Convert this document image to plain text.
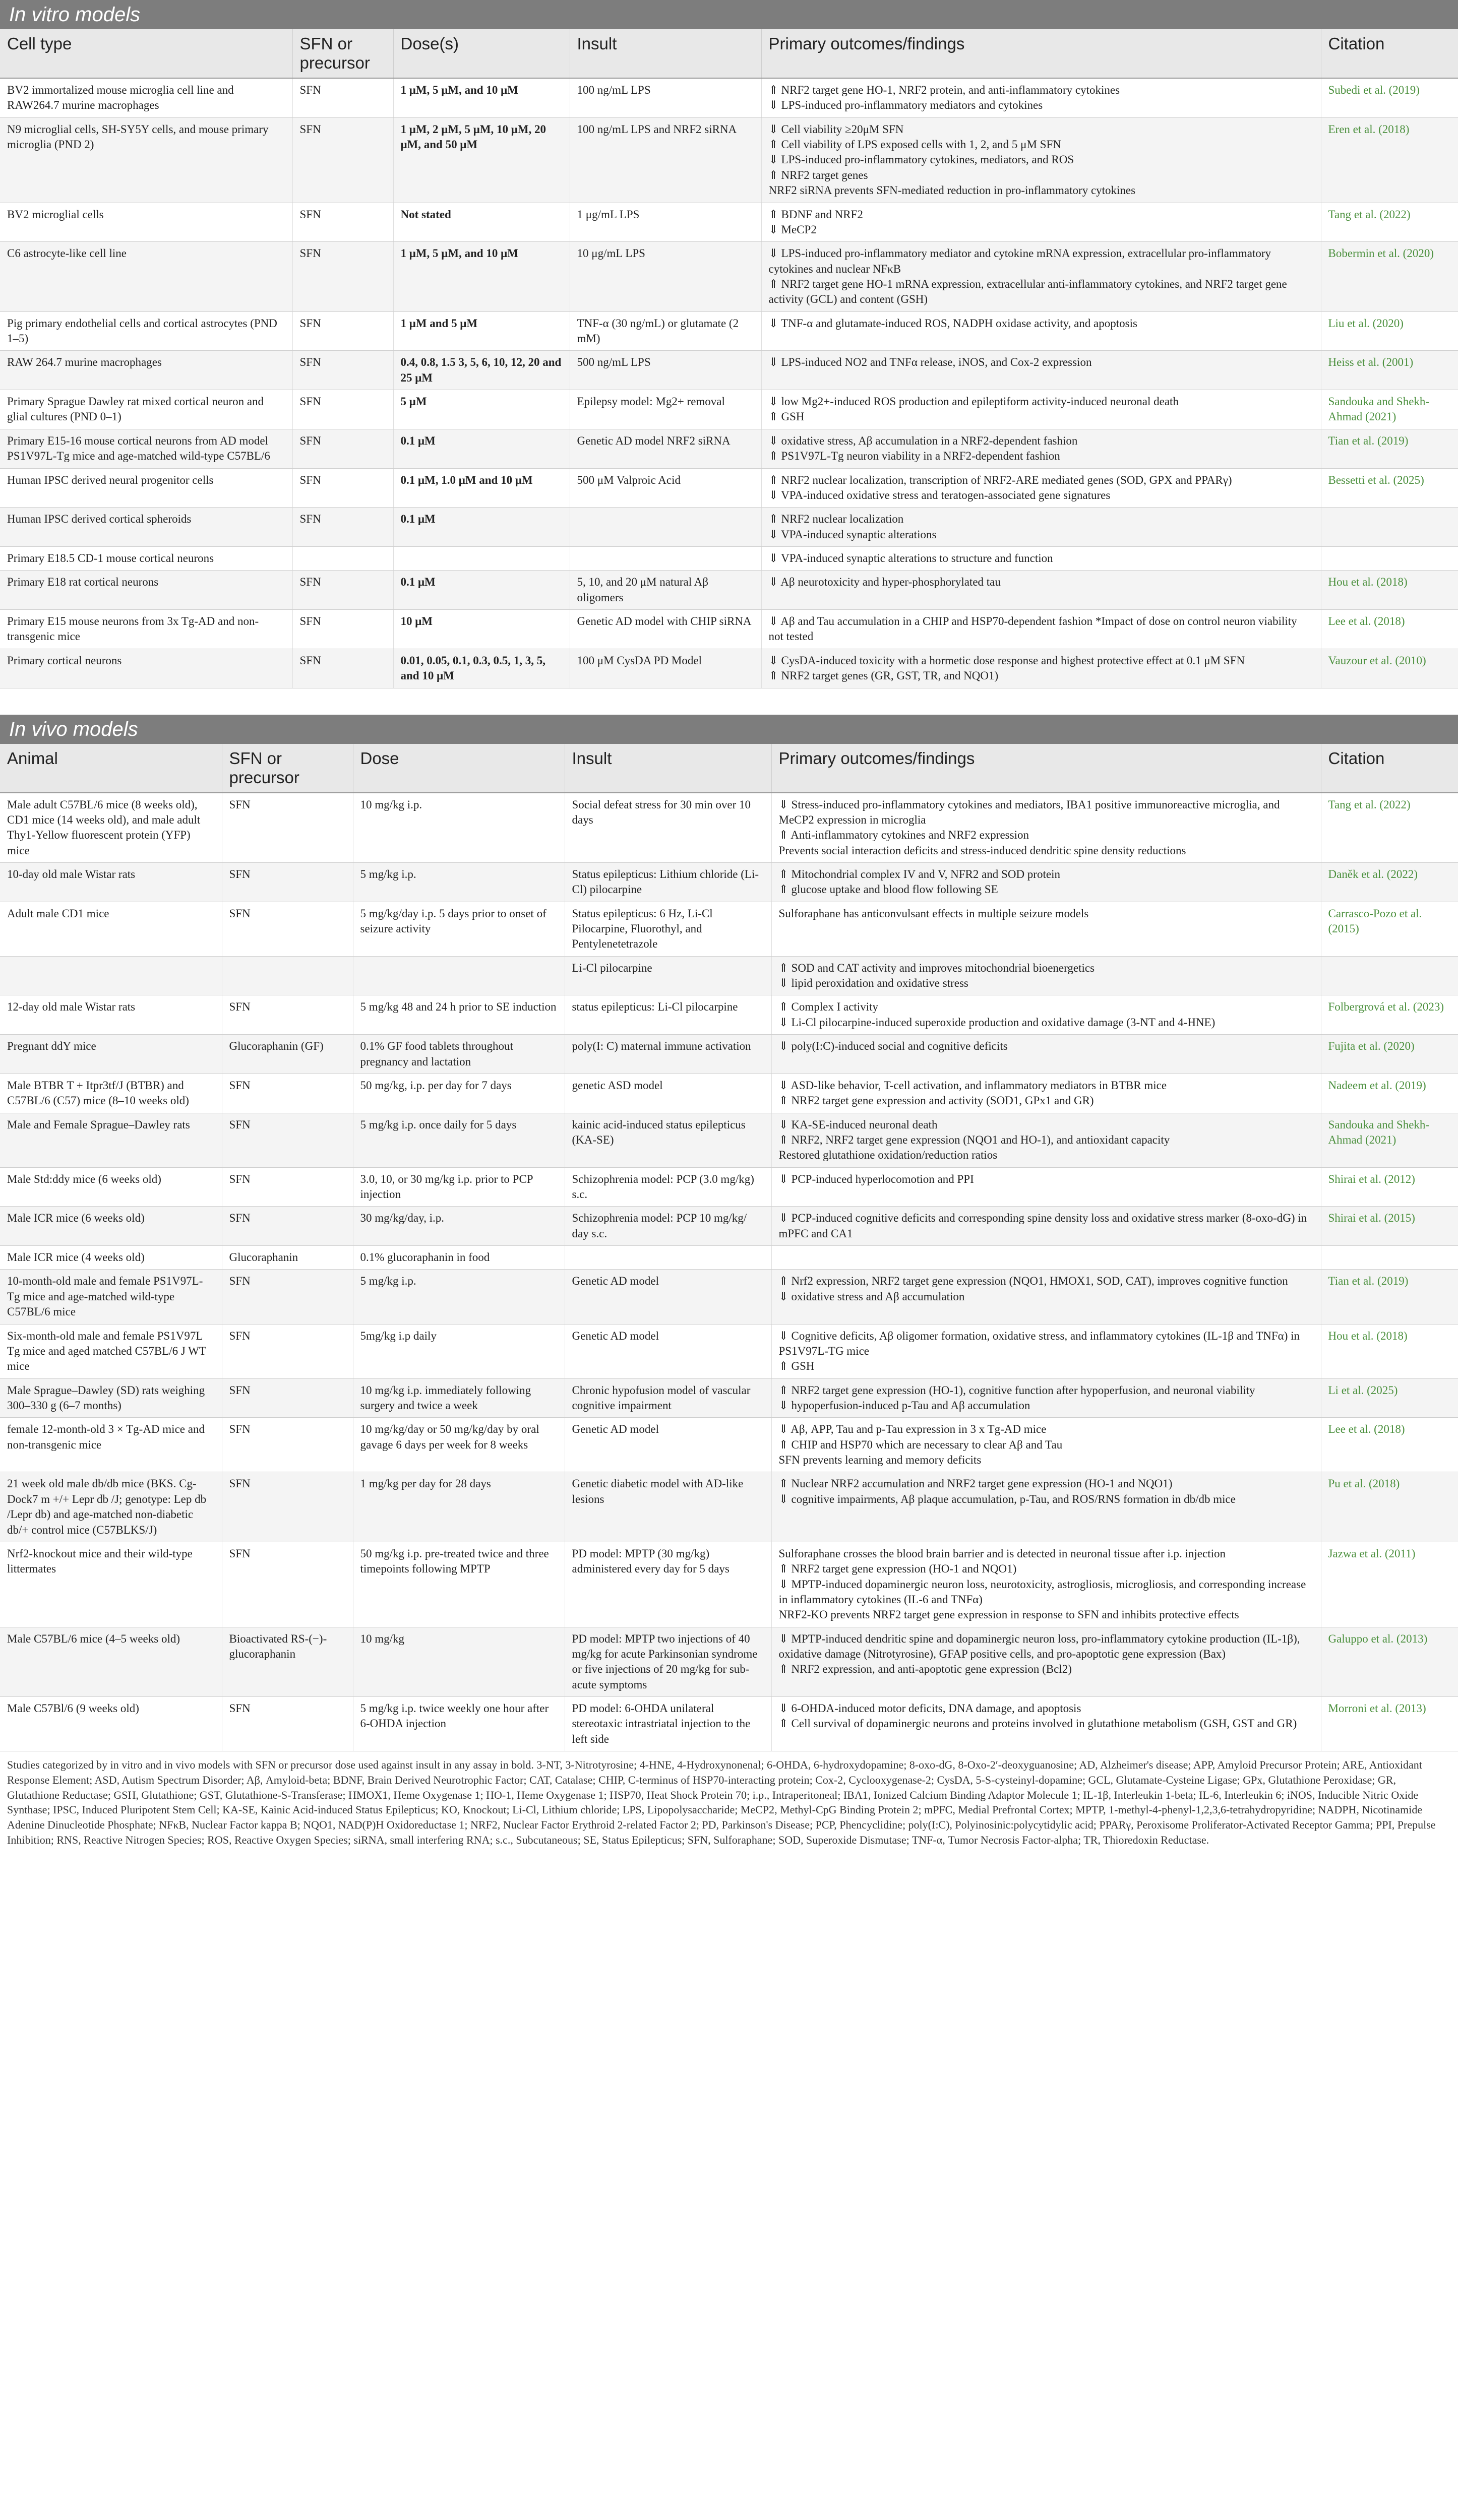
In vitro models
Cell type	SFN or precursor	Dose(s)	Insult	Primary outcomes/findings	Citation
BV2 immortalized mouse microglia cell line and RAW264.7 murine macrophages	SFN	1 μM, 5 μM, and 10 μM	100 ng/mL LPS	⇑ NRF2 target gene HO-1, NRF2 protein, and anti-inflammatory cytokines
⇓ LPS-induced pro-inflammatory mediators and cytokines	Subedi et al. (2019)
N9 microglial cells, SH-SY5Y cells, and mouse primary microglia (PND 2)	SFN	1 μM, 2 μM, 5 μM, 10 μM, 20 μM, and 50 μM	100 ng/mL LPS and NRF2 siRNA	⇓ Cell viability ≥20μM SFN
⇑ Cell viability of LPS exposed cells with 1, 2, and 5 μM SFN
⇓ LPS-induced pro-inflammatory cytokines, mediators, and ROS
⇑ NRF2 target genes
NRF2 siRNA prevents SFN-mediated reduction in pro-inflammatory cytokines	Eren et al. (2018)
BV2 microglial cells	SFN	Not stated	1 μg/mL LPS	⇑ BDNF and NRF2
⇓ MeCP2	Tang et al. (2022)
C6 astrocyte-like cell line	SFN	1 μM, 5 μM, and 10 μM	10 μg/mL LPS	⇓ LPS-induced pro-inflammatory mediator and cytokine mRNA expression, extracellular pro-inflammatory cytokines and nuclear NFκB
⇑ NRF2 target gene HO-1 mRNA expression, extracellular anti-inflammatory cytokines, and NRF2 target gene activity (GCL) and content (GSH)	Bobermin et al. (2020)
Pig primary endothelial cells and cortical astrocytes (PND 1–5)	SFN	1 μM and 5 μM	TNF-α (30 ng/mL) or glutamate (2 mM)	⇓ TNF-α and glutamate-induced ROS, NADPH oxidase activity, and apoptosis	Liu et al. (2020)
RAW 264.7 murine macrophages	SFN	0.4, 0.8, 1.5 3, 5, 6, 10, 12, 20 and 25 μM	500 ng/mL LPS	⇓ LPS-induced NO2 and TNFα release, iNOS, and Cox-2 expression	Heiss et al. (2001)
Primary Sprague Dawley rat mixed cortical neuron and glial cultures (PND 0–1)	SFN	5 μM	Epilepsy model: Mg2+ removal	⇓ low Mg2+-induced ROS production and epileptiform activity-induced neuronal death
⇑ GSH	Sandouka and Shekh-Ahmad (2021)
Primary E15-16 mouse cortical neurons from AD model PS1V97L-Tg mice and age-matched wild-type C57BL/6	SFN	0.1 μM	Genetic AD model NRF2 siRNA	⇓ oxidative stress, Aβ accumulation in a NRF2-dependent fashion
⇑ PS1V97L-Tg neuron viability in a NRF2-dependent fashion	Tian et al. (2019)
Human IPSC derived neural progenitor cells	SFN	0.1 μM, 1.0 μM and 10 μM	500 μM Valproic Acid	⇑ NRF2 nuclear localization, transcription of NRF2-ARE mediated genes (SOD, GPX and PPARγ)
⇓ VPA-induced oxidative stress and teratogen-associated gene signatures	Bessetti et al. (2025)
Human IPSC derived cortical spheroids	SFN	0.1 μM		⇑ NRF2 nuclear localization
⇓ VPA-induced synaptic alterations	

Primary E18.5 CD-1 mouse cortical neurons				⇓ VPA-induced synaptic alterations to structure and function	

Primary E18 rat cortical neurons	SFN	0.1 μM	5, 10, and 20 μM natural Aβ oligomers	⇓ Aβ neurotoxicity and hyper-phosphorylated tau	Hou et al. (2018)
Primary E15 mouse neurons from 3x Tg-AD and non-transgenic mice	SFN	10 μM	Genetic AD model with CHIP siRNA	⇓ Aβ and Tau accumulation in a CHIP and HSP70-dependent fashion *Impact of dose on control neuron viability not tested	Lee et al. (2018)
Primary cortical neurons	SFN	0.01, 0.05, 0.1, 0.3, 0.5, 1, 3, 5, and 10 μM	100 μM CysDA PD Model	⇓ CysDA-induced toxicity with a hormetic dose response and highest protective effect at 0.1 μM SFN
⇑ NRF2 target genes (GR, GST, TR, and NQO1)	Vauzour et al. (2010)
In vivo models
Animal	SFN or precursor	Dose	Insult	Primary outcomes/findings	Citation
Male adult C57BL/6 mice (8 weeks old), CD1 mice (14 weeks old), and male adult Thy1-Yellow fluorescent protein (YFP) mice	SFN	10 mg/kg i.p.	Social defeat stress for 30 min over 10 days	⇓ Stress-induced pro-inflammatory cytokines and mediators, IBA1 positive immunoreactive microglia, and MeCP2 expression in microglia
⇑ Anti-inflammatory cytokines and NRF2 expression
Prevents social interaction deficits and stress-induced dendritic spine density reductions	Tang et al. (2022)
10-day old male Wistar rats	SFN	5 mg/kg i.p.	Status epilepticus: Lithium chloride (Li-Cl) pilocarpine	⇑ Mitochondrial complex IV and V, NFR2 and SOD protein
⇑ glucose uptake and blood flow following SE	Daněk et al. (2022)
Adult male CD1 mice	SFN	5 mg/kg/day i.p. 5 days prior to onset of seizure activity	Status epilepticus: 6 Hz, Li-Cl Pilocarpine, Fluorothyl, and Pentylenetetrazole	Sulforaphane has anticonvulsant effects in multiple seizure models	Carrasco-Pozo et al. (2015)
			Li-Cl pilocarpine	⇑ SOD and CAT activity and improves mitochondrial bioenergetics
⇓ lipid peroxidation and oxidative stress	

12-day old male Wistar rats	SFN	5 mg/kg 48 and 24 h prior to SE induction	status epilepticus: Li-Cl pilocarpine	⇑ Complex I activity
⇓ Li-Cl pilocarpine-induced superoxide production and oxidative damage (3-NT and 4-HNE)	Folbergrová et al. (2023)
Pregnant ddY mice	Glucoraphanin (GF)	0.1% GF food tablets throughout pregnancy and lactation	poly(I: C) maternal immune activation	⇓ poly(I:C)-induced social and cognitive deficits	Fujita et al. (2020)
Male BTBR T + Itpr3tf/J (BTBR) and C57BL/6 (C57) mice (8–10 weeks old)	SFN	50 mg/kg, i.p. per day for 7 days	genetic ASD model	⇓ ASD-like behavior, T-cell activation, and inflammatory mediators in BTBR mice
⇑ NRF2 target gene expression and activity (SOD1, GPx1 and GR)	Nadeem et al. (2019)
Male and Female Sprague–Dawley rats	SFN	5 mg/kg i.p. once daily for 5 days	kainic acid-induced status epilepticus (KA-SE)	⇓ KA-SE-induced neuronal death
⇑ NRF2, NRF2 target gene expression (NQO1 and HO-1), and antioxidant capacity
Restored glutathione oxidation/reduction ratios	Sandouka and Shekh-Ahmad (2021)
Male Std:ddy mice (6 weeks old)	SFN	3.0, 10, or 30 mg/kg i.p. prior to PCP injection	Schizophrenia model: PCP (3.0 mg/kg) s.c.	⇓ PCP-induced hyperlocomotion and PPI	Shirai et al. (2012)
Male ICR mice (6 weeks old)	SFN	30 mg/kg/day, i.p.	Schizophrenia model: PCP 10 mg/kg/ day s.c.	⇓ PCP-induced cognitive deficits and corresponding spine density loss and oxidative stress marker (8-oxo-dG) in mPFC and CA1	Shirai et al. (2015)
Male ICR mice (4 weeks old)	Glucoraphanin	0.1% glucoraphanin in food			
10-month-old male and female PS1V97L-Tg mice and age-matched wild-type C57BL/6 mice	SFN	5 mg/kg i.p.	Genetic AD model	⇑ Nrf2 expression, NRF2 target gene expression (NQO1, HMOX1, SOD, CAT), improves cognitive function
⇓ oxidative stress and Aβ accumulation	Tian et al. (2019)
Six-month-old male and female PS1V97L Tg mice and aged matched C57BL/6 J WT mice	SFN	5mg/kg i.p daily	Genetic AD model	⇓ Cognitive deficits, Aβ oligomer formation, oxidative stress, and inflammatory cytokines (IL-1β and TNFα) in PS1V97L-TG mice
⇑ GSH	Hou et al. (2018)
Male Sprague–Dawley (SD) rats weighing 300–330 g (6–7 months)	SFN	10 mg/kg i.p. immediately following surgery and twice a week	Chronic hypofusion model of vascular cognitive impairment	⇑ NRF2 target gene expression (HO-1), cognitive function after hypoperfusion, and neuronal viability
⇓ hypoperfusion-induced p-Tau and Aβ accumulation	Li et al. (2025)
female 12-month-old 3 × Tg-AD mice and non-transgenic mice	SFN	10 mg/kg/day or 50 mg/kg/day by oral gavage 6 days per week for 8 weeks	Genetic AD model	⇓ Aβ, APP, Tau and p-Tau expression in 3 x Tg-AD mice
⇑ CHIP and HSP70 which are necessary to clear Aβ and Tau
SFN prevents learning and memory deficits	Lee et al. (2018)
21 week old male db/db mice (BKS. Cg-Dock7 m +/+ Lepr db /J; genotype: Lep db /Lepr db) and age-matched non-diabetic db/+ control mice (C57BLKS/J)	SFN	1 mg/kg per day for 28 days	Genetic diabetic model with AD-like lesions	⇑ Nuclear NRF2 accumulation and NRF2 target gene expression (HO-1 and NQO1)
⇓ cognitive impairments, Aβ plaque accumulation, p-Tau, and ROS/RNS formation in db/db mice	Pu et al. (2018)
Nrf2-knockout mice and their wild-type littermates	SFN	50 mg/kg i.p. pre-treated twice and three timepoints following MPTP	PD model: MPTP (30 mg/kg) administered every day for 5 days	Sulforaphane crosses the blood brain barrier and is detected in neuronal tissue after i.p. injection
⇑ NRF2 target gene expression (HO-1 and NQO1)
⇓ MPTP-induced dopaminergic neuron loss, neurotoxicity, astrogliosis, microgliosis, and corresponding increase in inflammatory cytokines (IL-6 and TNFα)
NRF2-KO prevents NRF2 target gene expression in response to SFN and inhibits protective effects	Jazwa et al. (2011)
Male C57BL/6 mice (4–5 weeks old)	Bioactivated RS-(−)-glucoraphanin	10 mg/kg	PD model: MPTP two injections of 40 mg/kg for acute Parkinsonian syndrome or five injections of 20 mg/kg for sub-acute symptoms	⇓ MPTP-induced dendritic spine and dopaminergic neuron loss, pro-inflammatory cytokine production (IL-1β), oxidative damage (Nitrotyrosine), GFAP positive cells, and pro-apoptotic gene expression (Bax)
⇑ NRF2 expression, and anti-apoptotic gene expression (Bcl2)	Galuppo et al. (2013)
Male C57Bl/6 (9 weeks old)	SFN	5 mg/kg i.p. twice weekly one hour after 6-OHDA injection	PD model: 6-OHDA unilateral stereotaxic intrastriatal injection to the left side	⇓ 6-OHDA-induced motor deficits, DNA damage, and apoptosis
⇑ Cell survival of dopaminergic neurons and proteins involved in glutathione metabolism (GSH, GST and GR)	Morroni et al. (2013)
Studies categorized by in vitro and in vivo models with SFN or precursor dose used against insult in any assay in bold. 3-NT, 3-Nitrotyrosine; 4-HNE, 4-Hydroxynonenal; 6-OHDA, 6-hydroxydopamine; 8-oxo-dG, 8-Oxo-2′-deoxyguanosine; AD, Alzheimer's disease; APP, Amyloid Precursor Protein; ARE, Antioxidant Response Element; ASD, Autism Spectrum Disorder; Aβ, Amyloid-beta; BDNF, Brain Derived Neurotrophic Factor; CAT, Catalase; CHIP, C-terminus of HSP70-interacting protein; Cox-2, Cyclooxygenase-2; CysDA, 5-S-cysteinyl-dopamine; GCL, Glutamate-Cysteine Ligase; GPx, Glutathione Peroxidase; GR, Glutathione Reductase; GSH, Glutathione; GST, Glutathione-S-Transferase; HMOX1, Heme Oxygenase 1; HO-1, Heme Oxygenase 1; HSP70, Heat Shock Protein 70; i.p., Intraperitoneal; IBA1, Ionized Calcium Binding Adaptor Molecule 1; IL-1β, Interleukin 1-beta; IL-6, Interleukin 6; iNOS, Inducible Nitric Oxide Synthase; IPSC, Induced Pluripotent Stem Cell; KA-SE, Kainic Acid-induced Status Epilepticus; KO, Knockout; Li-Cl, Lithium chloride; LPS, Lipopolysaccharide; MeCP2, Methyl-CpG Binding Protein 2; mPFC, Medial Prefrontal Cortex; MPTP, 1-methyl-4-phenyl-1,2,3,6-tetrahydropyridine; NADPH, Nicotinamide Adenine Dinucleotide Phosphate; NFκB, Nuclear Factor kappa B; NQO1, NAD(P)H Oxidoreductase 1; NRF2, Nuclear Factor Erythroid 2-related Factor 2; PD, Parkinson's Disease; PCP, Phencyclidine; poly(I:C), Polyinosinic:polycytidylic acid; PPARγ, Peroxisome Proliferator-Activated Receptor Gamma; PPI, Prepulse Inhibition; RNS, Reactive Nitrogen Species; ROS, Reactive Oxygen Species; siRNA, small interfering RNA; s.c., Subcutaneous; SE, Status Epilepticus; SFN, Sulforaphane; SOD, Superoxide Dismutase; TNF-α, Tumor Necrosis Factor-alpha; TR, Thioredoxin Reductase.
